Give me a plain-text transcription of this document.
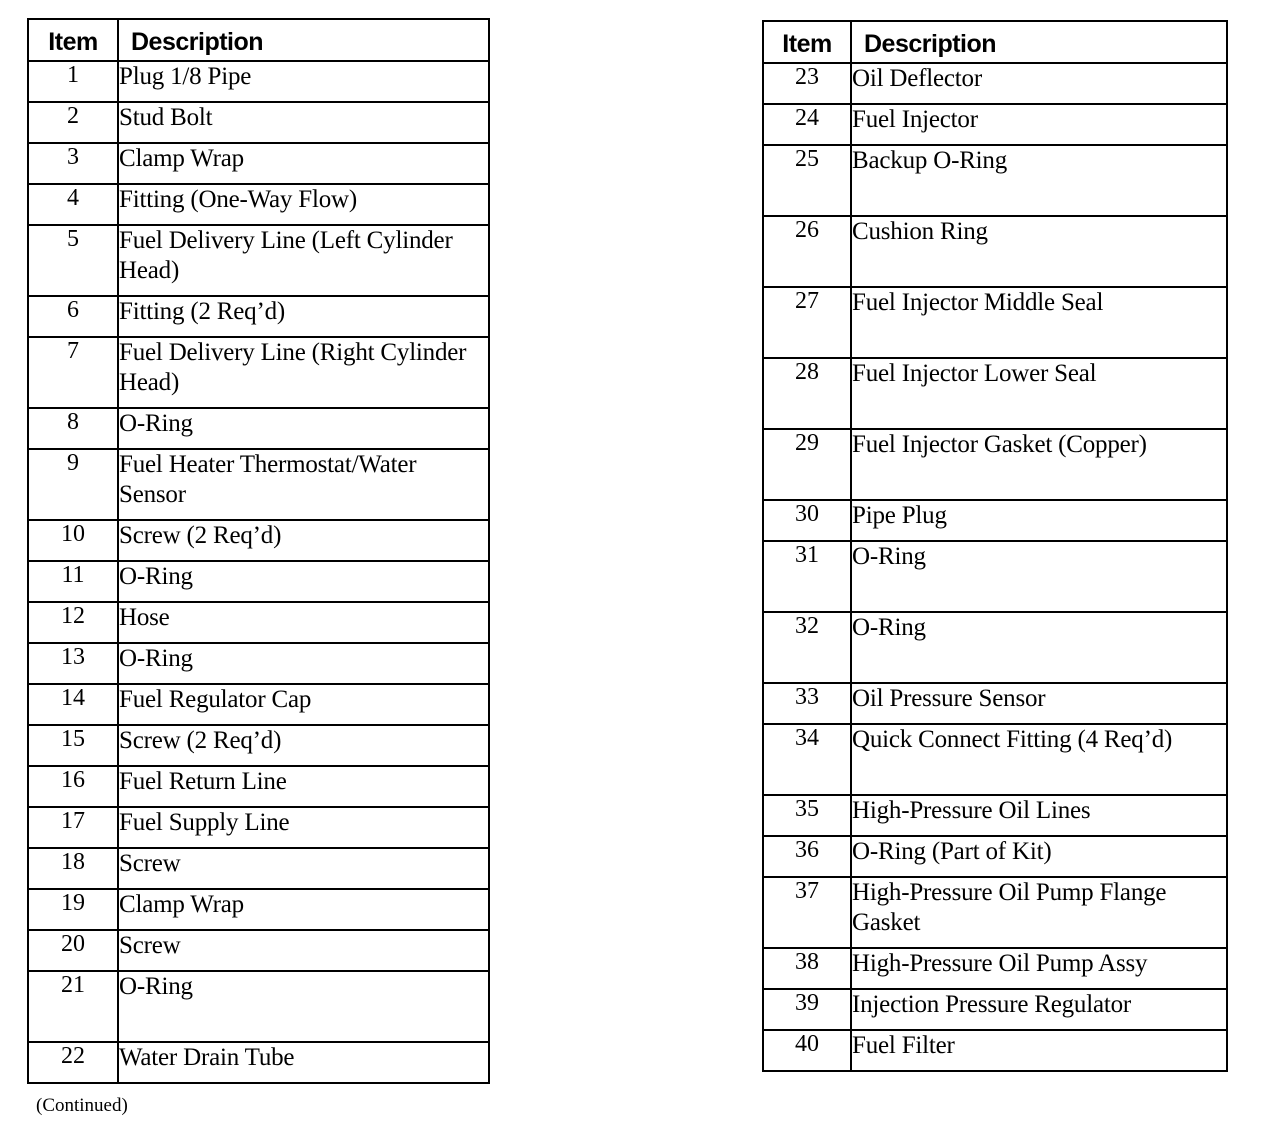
Item	Description
1	Plug 1/8 Pipe
2	Stud Bolt
3	Clamp Wrap
4	Fitting (One-Way Flow)
5	Fuel Delivery Line (Left Cylinder Head)
6	Fitting (2 Req’d)
7	Fuel Delivery Line (Right Cylinder Head)
8	O-Ring
9	Fuel Heater Thermostat/Water Sensor
10	Screw (2 Req’d)
11	O-Ring
12	Hose
13	O-Ring
14	Fuel Regulator Cap
15	Screw (2 Req’d)
16	Fuel Return Line
17	Fuel Supply Line
18	Screw
19	Clamp Wrap
20	Screw
21	O-Ring
22	Water Drain Tube
Item	Description
23	Oil Deflector
24	Fuel Injector
25	Backup O-Ring
26	Cushion Ring
27	Fuel Injector Middle Seal
28	Fuel Injector Lower Seal
29	Fuel Injector Gasket (Copper)
30	Pipe Plug
31	O-Ring
32	O-Ring
33	Oil Pressure Sensor
34	Quick Connect Fitting (4 Req’d)
35	High-Pressure Oil Lines
36	O-Ring (Part of Kit)
37	High-Pressure Oil Pump Flange Gasket
38	High-Pressure Oil Pump Assy
39	Injection Pressure Regulator
40	Fuel Filter
(Continued)
